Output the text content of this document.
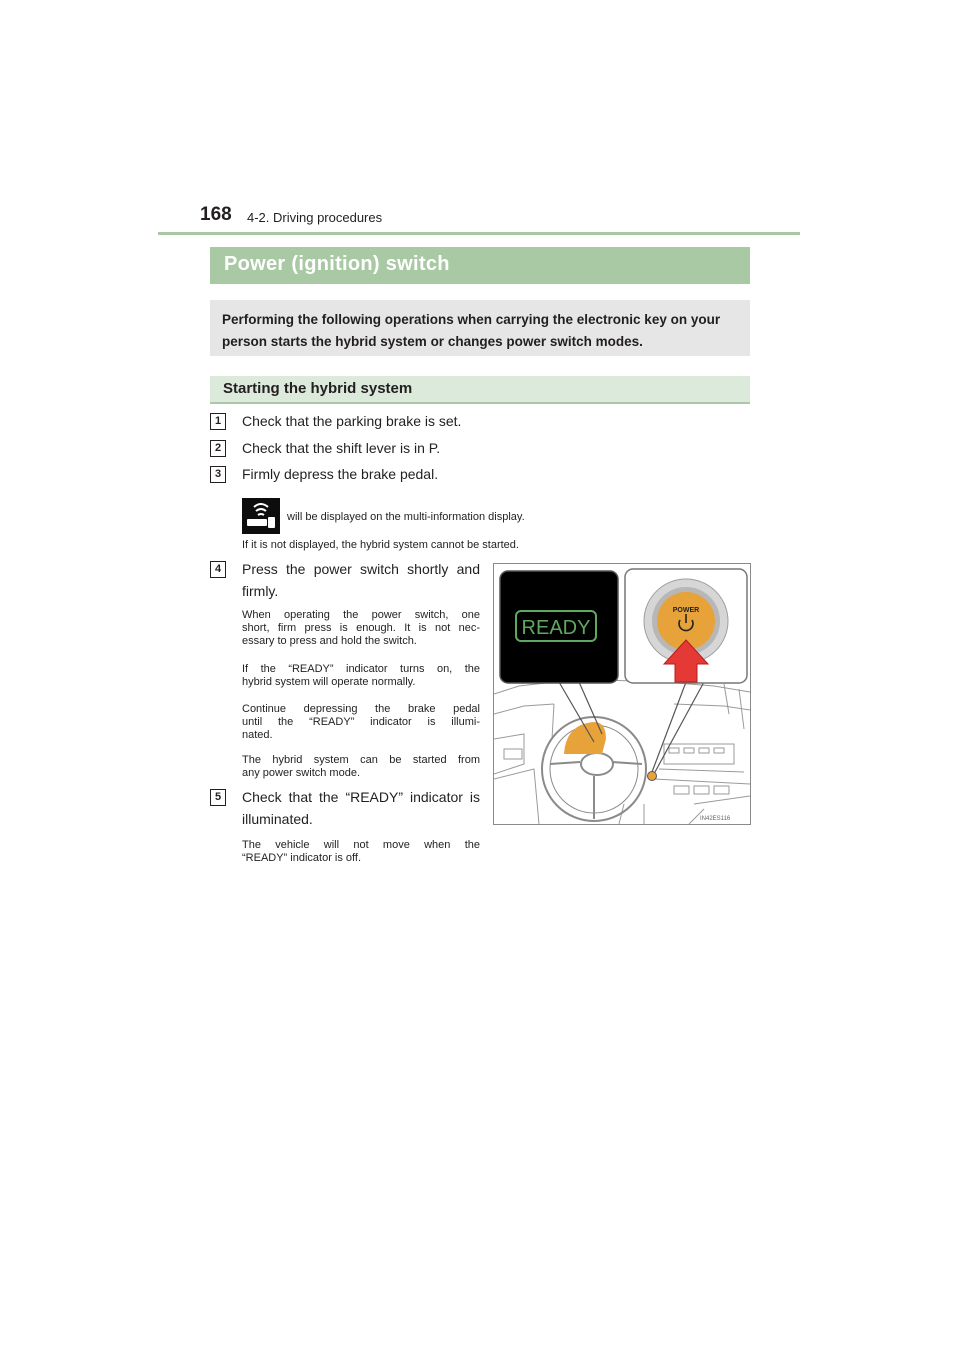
168 4-2. Driving procedures
Power (ignition) switch

Performing the following operations when carrying the electronic key on your person starts the hybrid system or changes power switch modes.

Starting the hybrid system
1	Check that the parking brake is set.
2	Check that the shift lever is in P.
3	Firmly depress the brake pedal.
will be displayed on the multi-information display.
If it is not displayed, the hybrid system cannot be started.
4	Press the power switch shortly and
firmly.
When operating the power switch, one
short, firm press is enough. It is not nec-
essary to press and hold the switch.
If the “READY” indicator turns on, the
hybrid system will operate normally.
Continue depressing the brake pedal
until the “READY” indicator is illumi-
nated.
The hybrid system can be started from
any power switch mode.
5	Check that the “READY” indicator is
illuminated.
The vehicle will not move when the
“READY” indicator is off.
READY
POWER
IN42ES116
